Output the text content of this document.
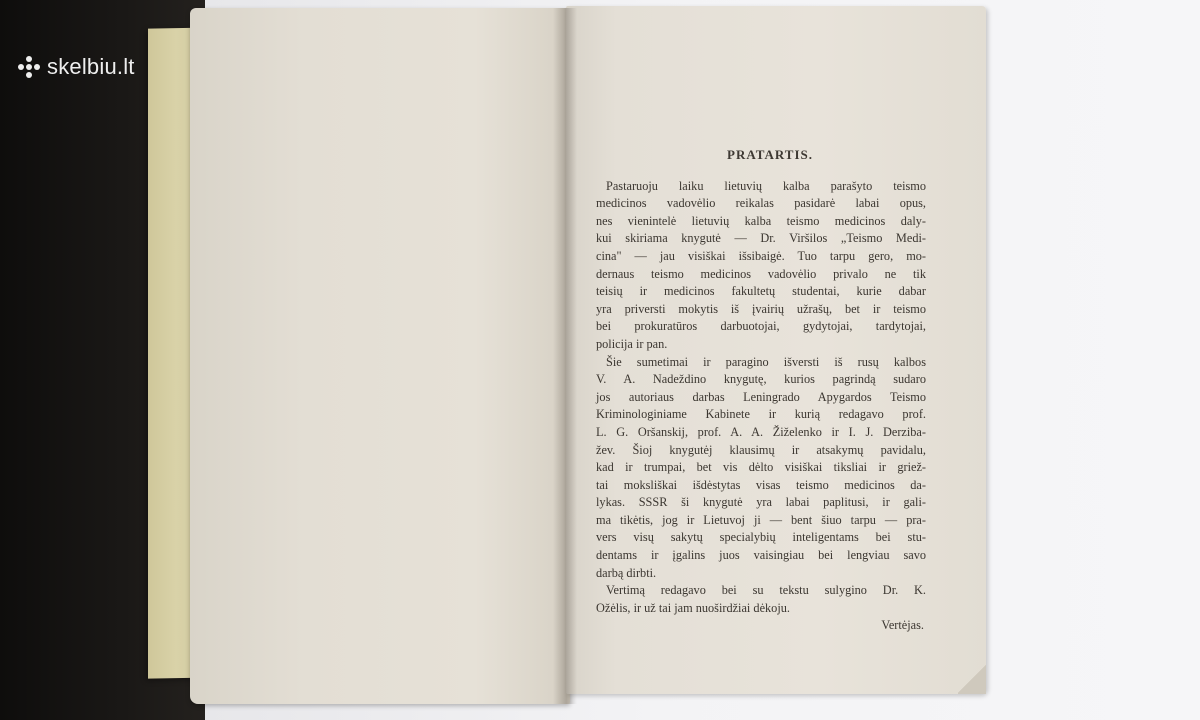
skelbiu.lt
PRATARTIS.

Pastaruoju laiku lietuvių kalba parašyto teismo
medicinos vadovėlio reikalas pasidarė labai opus,
nes vienintelė lietuvių kalba teismo medicinos daly-
kui skiriama knygutė — Dr. Viršilos „Teismo Medi-
cina" — jau visiškai išsibaigė. Tuo tarpu gero, mo-
dernaus teismo medicinos vadovėlio privalo ne tik
teisių ir medicinos fakultetų studentai, kurie dabar
yra priversti mokytis iš įvairių užrašų, bet ir teismo
bei prokuratūros darbuotojai, gydytojai, tardytojai,
policija ir pan.

Šie sumetimai ir paragino išversti iš rusų kalbos
V. A. Nadeždino knygutę, kurios pagrindą sudaro
jos autoriaus darbas Leningrado Apygardos Teismo
Kriminologiniame Kabinete ir kurią redagavo prof.
L. G. Oršanskij, prof. A. A. Žiželenko ir I. J. Derziba-
žev. Šioj knygutėj klausimų ir atsakymų pavidalu,
kad ir trumpai, bet vis dėlto visiškai tiksliai ir griež-
tai moksliškai išdėstytas visas teismo medicinos da-
lykas. SSSR ši knygutė yra labai paplitusi, ir gali-
ma tikėtis, jog ir Lietuvoj ji — bent šiuo tarpu — pra-
vers visų sakytų specialybių inteligentams bei stu-
dentams ir įgalins juos vaisingiau bei lengviau savo
darbą dirbti.

Vertimą redagavo bei su tekstu sulygino Dr. K.
Ožėlis, ir už tai jam nuoširdžiai dėkoju.

Vertėjas.
